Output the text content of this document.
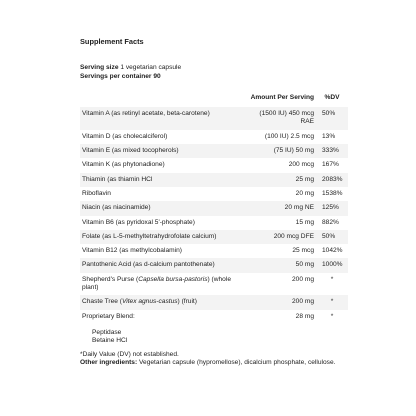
Supplement Facts
Serving size 1 vegetarian capsule
Servings per container 90
	Amount Per Serving	%DV
Vitamin A (as retinyl acetate, beta-carotene)	(1500 IU) 450 mcg RAE	50%
Vitamin D (as cholecalciferol)	(100 IU) 2.5 mcg	13%
Vitamin E (as mixed tocopherols)	(75 IU) 50 mg	333%
Vitamin K (as phytonadione)	200 mcg	167%
Thiamin (as thiamin HCl	25 mg	2083%
Riboflavin	20 mg	1538%
Niacin (as niacinamide)	20 mg NE	125%
Vitamin B6 (as pyridoxal 5'-phosphate)	15 mg	882%
Folate (as L-5-methyltetrahydrofolate calcium)	200 mcg DFE	50%
Vitamin B12 (as methylcobalamin)	25 mcg	1042%
Pantothenic Acid (as d-calcium pantothenate)	50 mg	1000%
Shepherd's Purse (Capsella bursa-pastoris) (whole plant)	200 mg	*
Chaste Tree (Vitex agnus-castus) (fruit)	200 mg	*
Proprietary Blend:	28 mg	*

Peptidase
Betaine HCl		
*Daily Value (DV) not established.
Other ingredients: Vegetarian capsule (hypromellose), dicalcium phosphate, cellulose.
